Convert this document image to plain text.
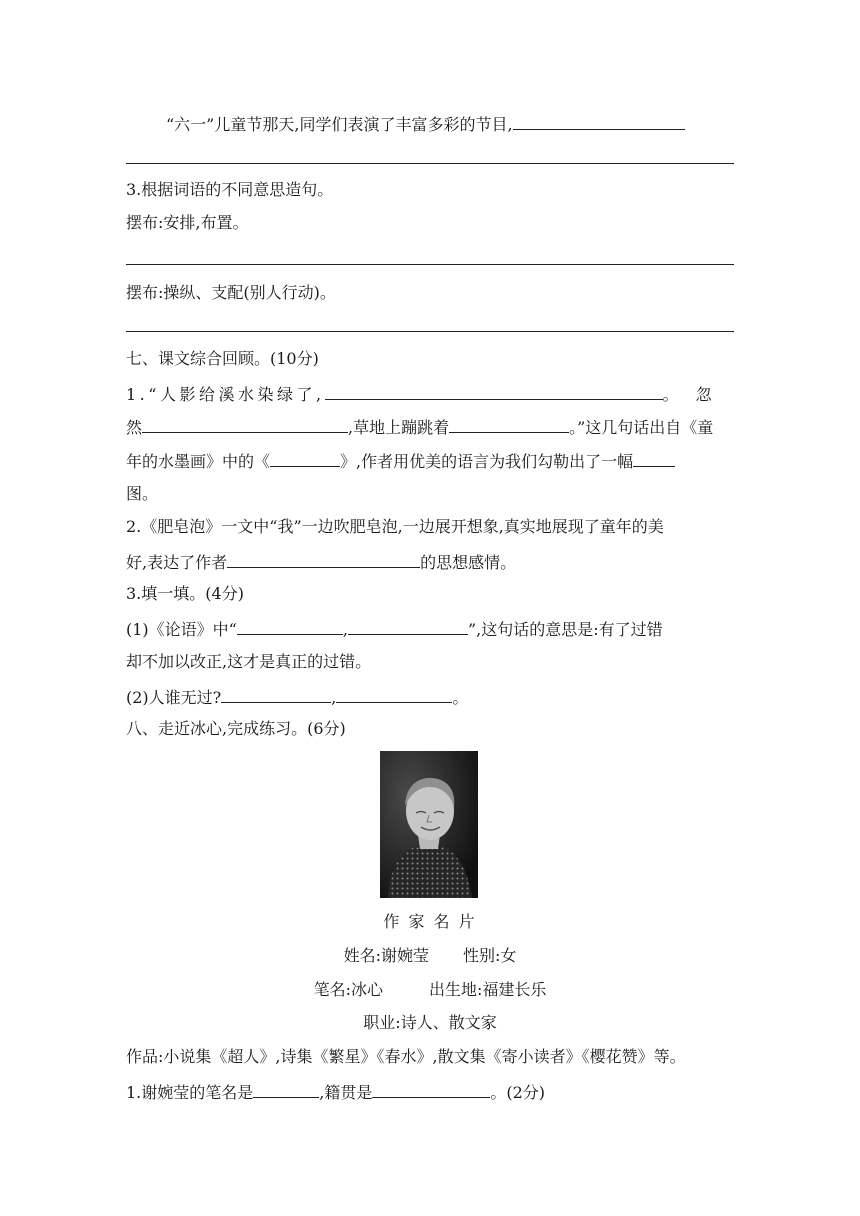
“六一”儿童节那天,同学们表演了丰富多彩的节目,
3.根据词语的不同意思造句。
摆布:安排,布置。
摆布:操纵、支配(别人行动)。
七、课文综合回顾。(10分)
1.“人影给溪水染绿了,	。 忽
然	,草地上蹦跳着	。”这几句话出自《童
年的水墨画》中的《	》,作者用优美的语言为我们勾勒出了一幅
图。
2.《肥皂泡》一文中“我”一边吹肥皂泡,一边展开想象,真实地展现了童年的美
好,表达了作者	的思想感情。
3.填一填。(4分)
(1)《论语》中“	,	”,这句话的意思是:有了过错
却不加以改正,这才是真正的过错。
(2)人谁无过?	,	。
八、走近冰心,完成练习。(6分)
作 家 名 片
姓名:谢婉莹 性别:女
笔名:冰心	出生地:福建长乐
职业:诗人、散文家
作品:小说集《超人》,诗集《繁星》《春水》,散文集《寄小读者》《樱花赞》等。
1.谢婉莹的笔名是	,籍贯是	。(2分)
